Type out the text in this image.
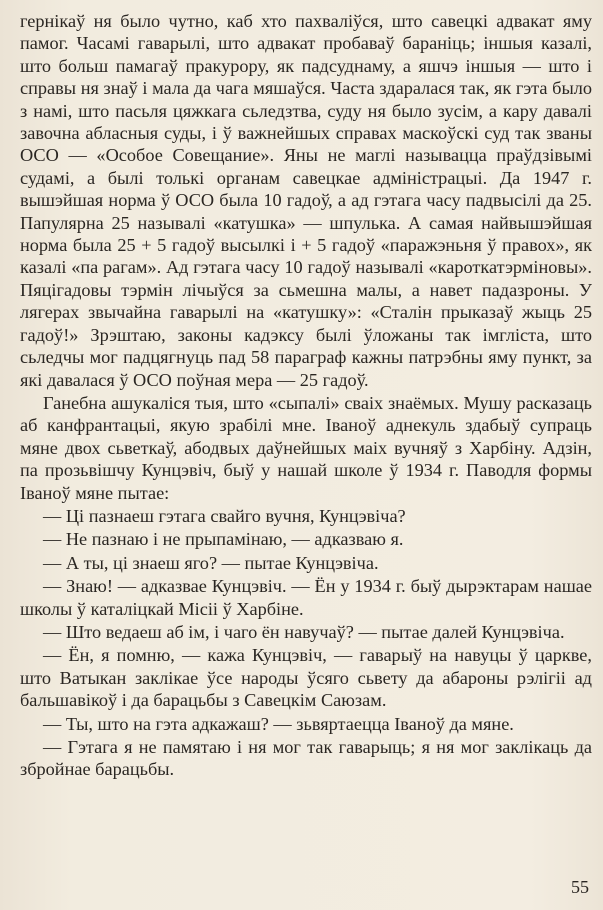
гернікаў ня было чутно, каб хто пахваліўся, што савецкі адвакат яму памог. Часамі гаварылі, што адвакат пробаваў бараніць; іншыя казалі, што больш памагаў пракурору, як падсуднаму, а яшчэ іншыя — што і справы ня знаў і мала да чага мяшаўся. Часта здаралася так, як гэта было з намі, што пасьля цяжкага сьледзтва, суду ня было зусім, а кару давалі завочна абласныя суды, і ў важнейшых справах маскоўскі суд так званы ОСО — «Особое Совещание». Яны не маглі называцца праўдзівымі судамі, а былі толькі органам савецкае адміністрацыі. Да 1947 г. вышэйшая норма ў ОСО была 10 гадоў, а ад гэтага часу падвысілі да 25. Папулярна 25 называлі «катушка» — шпулька. А самая найвышэйшая норма была 25 + 5 гадоў высылкі і + 5 гадоў «паражэньня ў правох», як казалі «па рагам». Ад гэтага часу 10 гадоў называлі «кароткатэрміновы». Пяцігадовы тэрмін лічыўся за сьмешна малы, а навет падазроны. У лягерах звычайна гаварылі на «катушку»: «Сталін прыказаў жыць 25 гадоў!» Зрэштаю, законы кадэксу былі ўложаны так імгліста, што сьледчы мог падцягнуць пад 58 параграф кажны патрэбны яму пункт, за які давалася ў ОСО поўная мера — 25 гадоў.

Ганебна ашукаліся тыя, што «сыпалі» сваіх знаёмых. Мушу расказаць аб канфрантацыі, якую зрабілі мне. Іваноў аднекуль здабыў супраць мяне двох сьветкаў, абодвых даўнейшых маіх вучняў з Харбіну. Адзін, па прозьвішчу Кунцэвіч, быў у нашай школе ў 1934 г. Паводля формы Іваноў мяне пытае:

— Ці пазнаеш гэтага свайго вучня, Кунцэвіча?

— Не пазнаю і не прыпамінаю, — адказваю я.

— А ты, ці знаеш яго? — пытае Кунцэвіча.

— Знаю! — адказвае Кунцэвіч. — Ён у 1934 г. быў дырэктарам нашае школы ў каталіцкай Місіі ў Харбіне.

— Што ведаеш аб ім, і чаго ён навучаў? — пытае далей Кунцэвіча.

— Ён, я помню, — кажа Кунцэвіч, — гаварыў на навуцы ў царкве, што Ватыкан заклікае ўсе народы ўсяго сьвету да абароны рэлігіі ад бальшавікоў і да барацьбы з Савецкім Саюзам.

— Ты, што на гэта адкажаш? — зьвяртаецца Іваноў да мяне.

— Гэтага я не памятаю і ня мог так гаварыць; я ня мог заклікаць да збройнае барацьбы.

55
